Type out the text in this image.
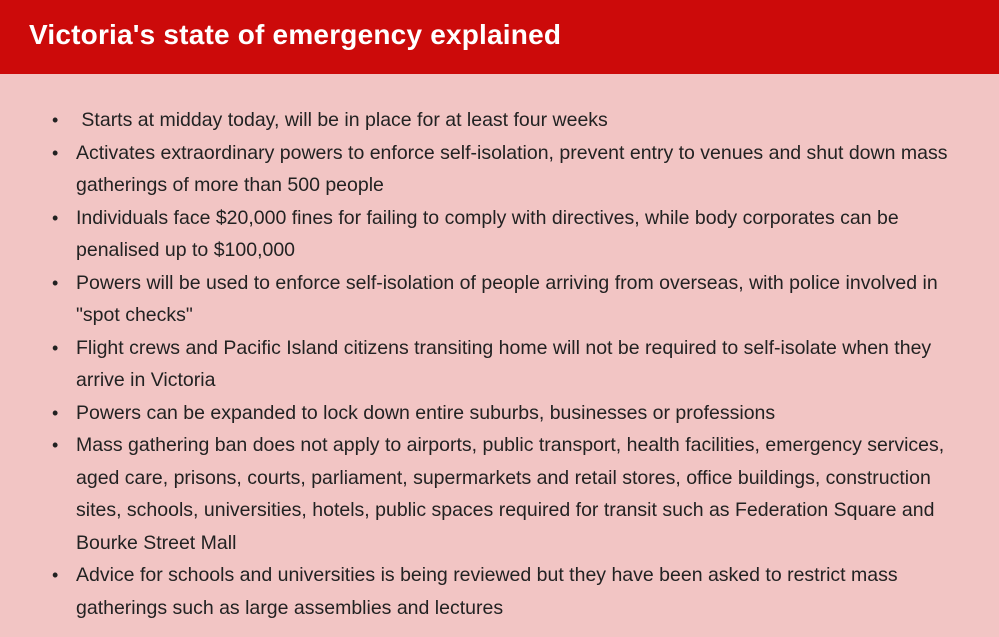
Victoria's state of emergency explained
•  Starts at midday today, will be in place for at least four weeks
• Activates extraordinary powers to enforce self-isolation, prevent entry to venues and shut down mass gatherings of more than 500 people
• Individuals face $20,000 fines for failing to comply with directives, while body corporates can be penalised up to $100,000
• Powers will be used to enforce self-isolation of people arriving from overseas, with police involved in "spot checks"
• Flight crews and Pacific Island citizens transiting home will not be required to self-isolate when they arrive in Victoria
• Powers can be expanded to lock down entire suburbs, businesses or professions
• Mass gathering ban does not apply to airports, public transport, health facilities, emergency services, aged care, prisons, courts, parliament, supermarkets and retail stores, office buildings, construction sites, schools, universities, hotels, public spaces required for transit such as Federation Square and Bourke Street Mall
• Advice for schools and universities is being reviewed but they have been asked to restrict mass gatherings such as large assemblies and lectures
